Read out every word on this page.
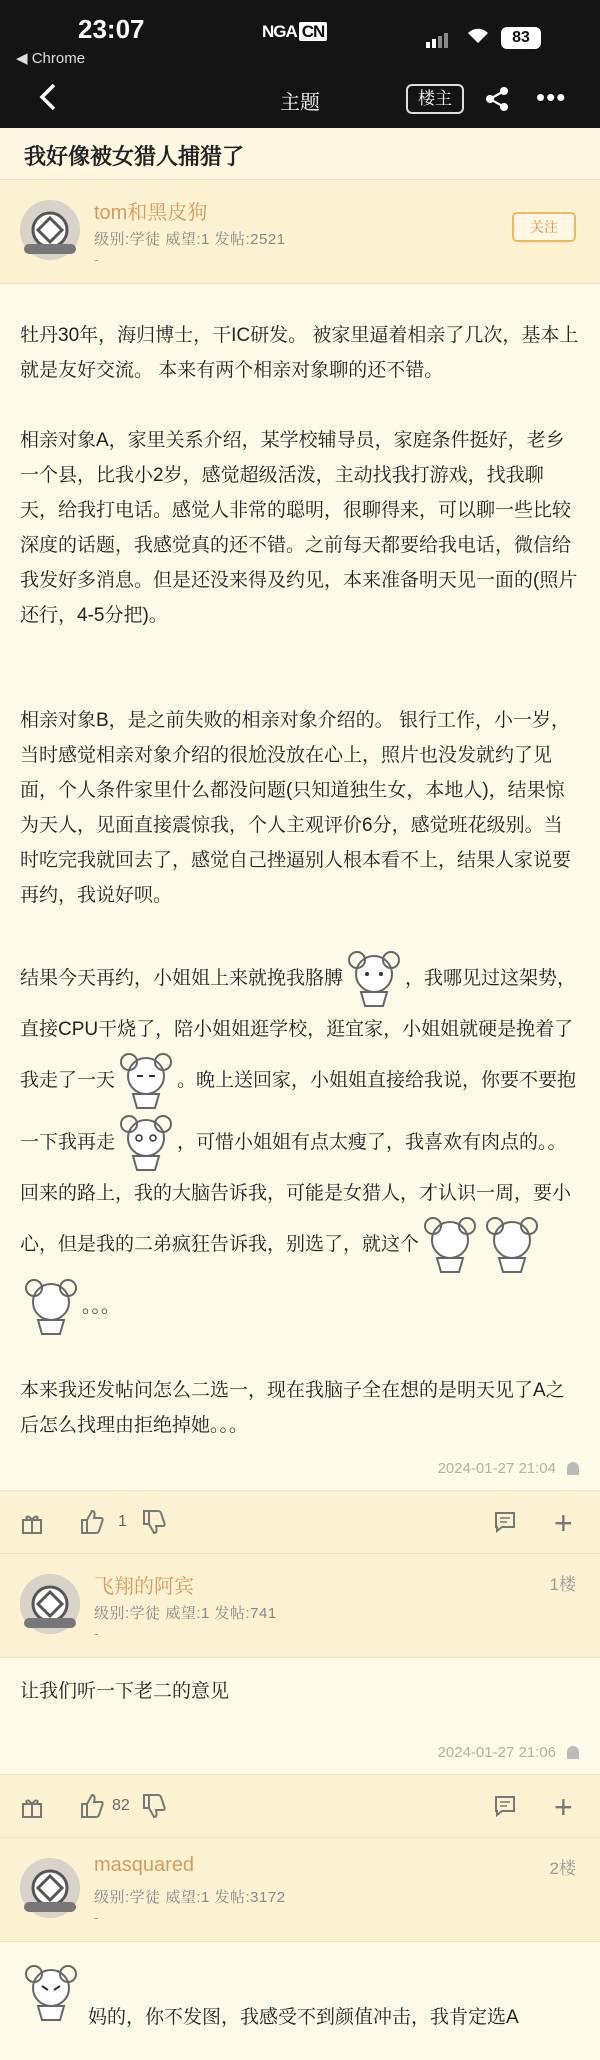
23:07
◀ Chrome
NGA CN	83
主题	楼主	•••
我好像被女猎人捕猎了
tom和黑皮狗
级别:学徒 威望:1 发帖:2521
-
关注

牡丹30年，海归博士，干IC研发。 被家里逼着相亲了几次，基本上就是友好交流。 本来有两个相亲对象聊的还不错。

相亲对象A，家里关系介绍，某学校辅导员，家庭条件挺好，老乡一个县，比我小2岁，感觉超级活泼，主动找我打游戏，找我聊天，给我打电话。感觉人非常的聪明，很聊得来，可以聊一些比较深度的话题，我感觉真的还不错。之前每天都要给我电话，微信给我发好多消息。但是还没来得及约见，本来准备明天见一面的(照片还行，4-5分把)。

相亲对象B，是之前失败的相亲对象介绍的。 银行工作，小一岁，当时感觉相亲对象介绍的很尬没放在心上，照片也没发就约了见面，个人条件家里什么都没问题(只知道独生女，本地人)，结果惊为天人，见面直接震惊我，个人主观评价6分，感觉班花级别。当时吃完我就回去了，感觉自己挫逼别人根本看不上，结果人家说要再约，我说好呗。

结果今天再约，小姐姐上来就挽我胳膊	，我哪见过这架势，直接CPU干烧了，陪小姐姐逛学校，逛宜家，小姐姐就硬是挽着了我走了一天	。晚上送回家，小姐姐直接给我说，你要不要抱一下我再走	，可惜小姐姐有点太瘦了，我喜欢有肉点的。。回来的路上，我的大脑告诉我，可能是女猎人，才认识一周，要小心，但是我的二弟疯狂告诉我，别选了，就这个。。。

本来我还发帖问怎么二选一，现在我脑子全在想的是明天见了A之后怎么找理由拒绝掉她。。。

2024-01-27 21:04
1	+
飞翔的阿宾
级别:学徒 威望:1 发帖:741
-
1楼

让我们听一下老二的意见

2024-01-27 21:06
82	+
masquared
级别:学徒 威望:1 发帖:3172
-
2楼

妈的，你不发图，我感受不到颜值冲击，我肯定选A
